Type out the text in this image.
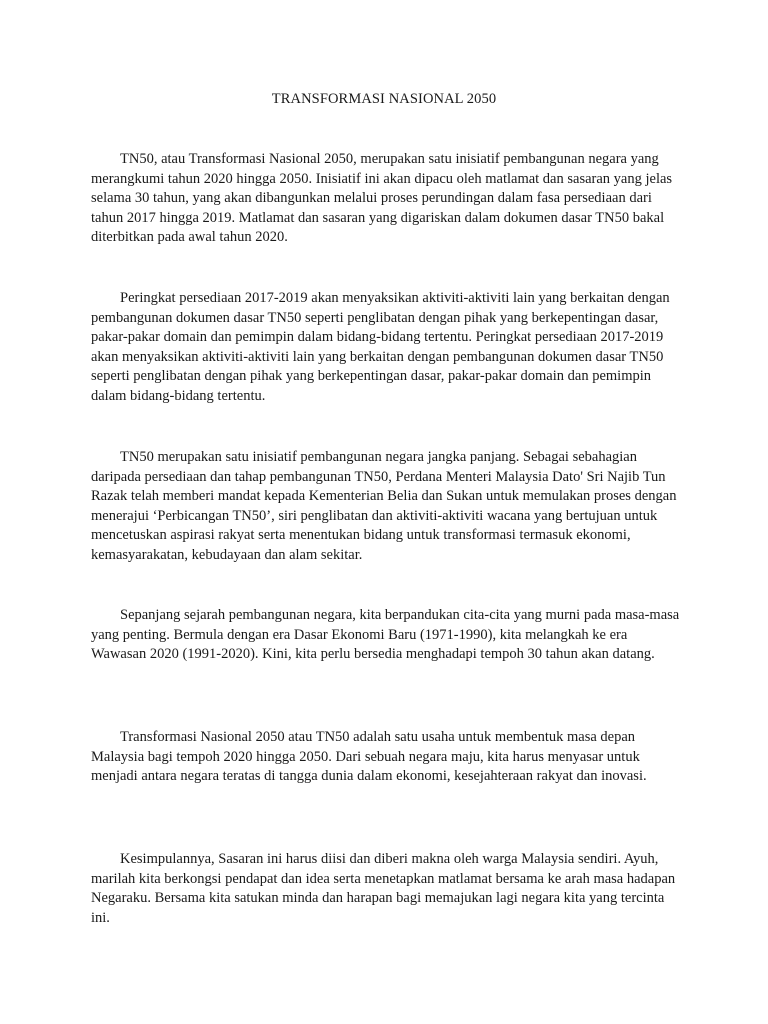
TRANSFORMASI NASIONAL 2050

TN50, atau Transformasi Nasional 2050, merupakan satu inisiatif pembangunan negara yang merangkumi tahun 2020 hingga 2050. Inisiatif ini akan dipacu oleh matlamat dan sasaran yang jelas selama 30 tahun, yang akan dibangunkan melalui proses perundingan dalam fasa persediaan dari tahun 2017 hingga 2019. Matlamat dan sasaran yang digariskan dalam dokumen dasar TN50 bakal diterbitkan pada awal tahun 2020.

Peringkat persediaan 2017-2019 akan menyaksikan aktiviti-aktiviti lain yang berkaitan dengan pembangunan dokumen dasar TN50 seperti penglibatan dengan pihak yang berkepentingan dasar, pakar-pakar domain dan pemimpin dalam bidang-bidang tertentu. Peringkat persediaan 2017-2019 akan menyaksikan aktiviti-aktiviti lain yang berkaitan dengan pembangunan dokumen dasar TN50 seperti penglibatan dengan pihak yang berkepentingan dasar, pakar-pakar domain dan pemimpin dalam bidang-bidang tertentu.

TN50 merupakan satu inisiatif pembangunan negara jangka panjang. Sebagai sebahagian daripada persediaan dan tahap pembangunan TN50, Perdana Menteri Malaysia Dato' Sri Najib Tun Razak telah memberi mandat kepada Kementerian Belia dan Sukan untuk memulakan proses dengan menerajui ‘Perbicangan TN50’, siri penglibatan dan aktiviti-aktiviti wacana yang bertujuan untuk mencetuskan aspirasi rakyat serta menentukan bidang untuk transformasi termasuk ekonomi, kemasyarakatan, kebudayaan dan alam sekitar.

Sepanjang sejarah pembangunan negara, kita berpandukan cita-cita yang murni pada masa-masa yang penting. Bermula dengan era Dasar Ekonomi Baru (1971-1990), kita melangkah ke era Wawasan 2020 (1991-2020). Kini, kita perlu bersedia menghadapi tempoh 30 tahun akan datang.

Transformasi Nasional 2050 atau TN50 adalah satu usaha untuk membentuk masa depan Malaysia bagi tempoh 2020 hingga 2050. Dari sebuah negara maju, kita harus menyasar untuk menjadi antara negara teratas di tangga dunia dalam ekonomi, kesejahteraan rakyat dan inovasi.

Kesimpulannya, Sasaran ini harus diisi dan diberi makna oleh warga Malaysia sendiri. Ayuh, marilah kita berkongsi pendapat dan idea serta menetapkan matlamat bersama ke arah masa hadapan Negaraku. Bersama kita satukan minda dan harapan bagi memajukan lagi negara kita yang tercinta ini.
